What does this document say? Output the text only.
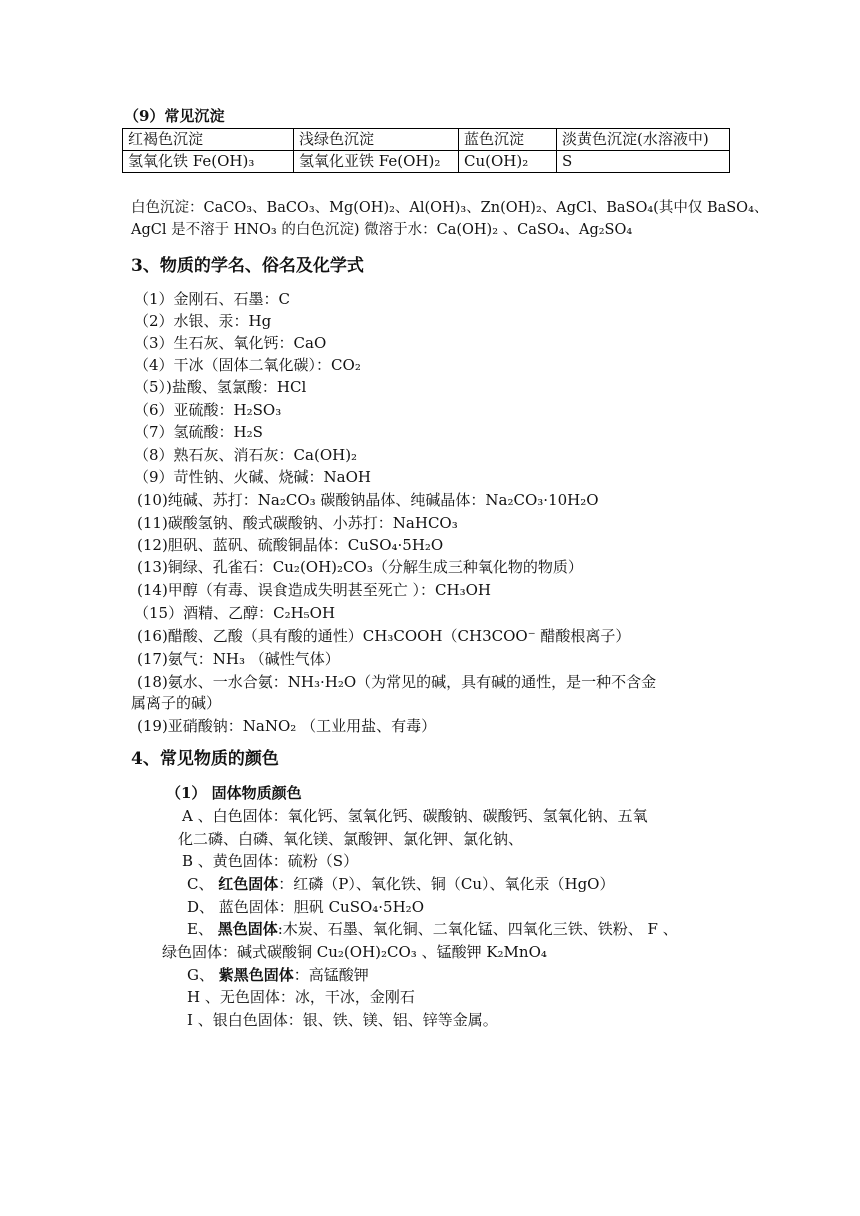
（9）常见沉淀
红褐色沉淀	浅绿色沉淀	蓝色沉淀	淡黄色沉淀(水溶液中)
氢氧化铁 Fe(OH)₃	氢氧化亚铁 Fe(OH)₂	Cu(OH)₂	S
白色沉淀：CaCO₃、BaCO₃、Mg(OH)₂、Al(OH)₃、Zn(OH)₂、AgCl、BaSO₄(其中仅 BaSO₄、
AgCl 是不溶于 HNO₃ 的白色沉淀) 微溶于水：Ca(OH)₂ 、CaSO₄、Ag₂SO₄
3、物质的学名、俗名及化学式
（1）金刚石、石墨：C
（2）水银、汞：Hg
（3）生石灰、氧化钙：CaO
（4）干冰（固体二氧化碳）：CO₂
（5）)盐酸、氢氯酸：HCl
（6）亚硫酸：H₂SO₃
（7）氢硫酸：H₂S
（8）熟石灰、消石灰：Ca(OH)₂
（9）苛性钠、火碱、烧碱：NaOH
(10)纯碱、苏打：Na₂CO₃ 碳酸钠晶体、纯碱晶体：Na₂CO₃·10H₂O
(11)碳酸氢钠、酸式碳酸钠、小苏打：NaHCO₃
(12)胆矾、蓝矾、硫酸铜晶体：CuSO₄·5H₂O
(13)铜绿、孔雀石：Cu₂(OH)₂CO₃（分解生成三种氧化物的物质）
(14)甲醇（有毒、误食造成失明甚至死亡 ）：CH₃OH
（15）酒精、乙醇：C₂H₅OH
(16)醋酸、乙酸（具有酸的通性）CH₃COOH（CH3COO⁻ 醋酸根离子）
(17)氨气：NH₃ （碱性气体）
(18)氨水、一水合氨：NH₃·H₂O（为常见的碱，具有碱的通性，是一种不含金
属离子的碱）
(19)亚硝酸钠：NaNO₂ （工业用盐、有毒）
4、常见物质的颜色
（1） 固体物质颜色
A 、白色固体：氧化钙、氢氧化钙、碳酸钠、碳酸钙、氢氧化钠、五氧
化二磷、白磷、氧化镁、氯酸钾、氯化钾、氯化钠、
B 、黄色固体：硫粉（S）
C、 红色固体：红磷（P）、氧化铁、铜（Cu）、氧化汞（HgO）
D、 蓝色固体：胆矾 CuSO₄·5H₂O
E、 黑色固体:木炭、石墨、氧化铜、二氧化锰、四氧化三铁、铁粉、 F 、
绿色固体：碱式碳酸铜 Cu₂(OH)₂CO₃ 、锰酸钾 K₂MnO₄
G、 紫黑色固体：高锰酸钾
H 、无色固体：冰，干冰，金刚石
I 、银白色固体：银、铁、镁、铝、锌等金属。
